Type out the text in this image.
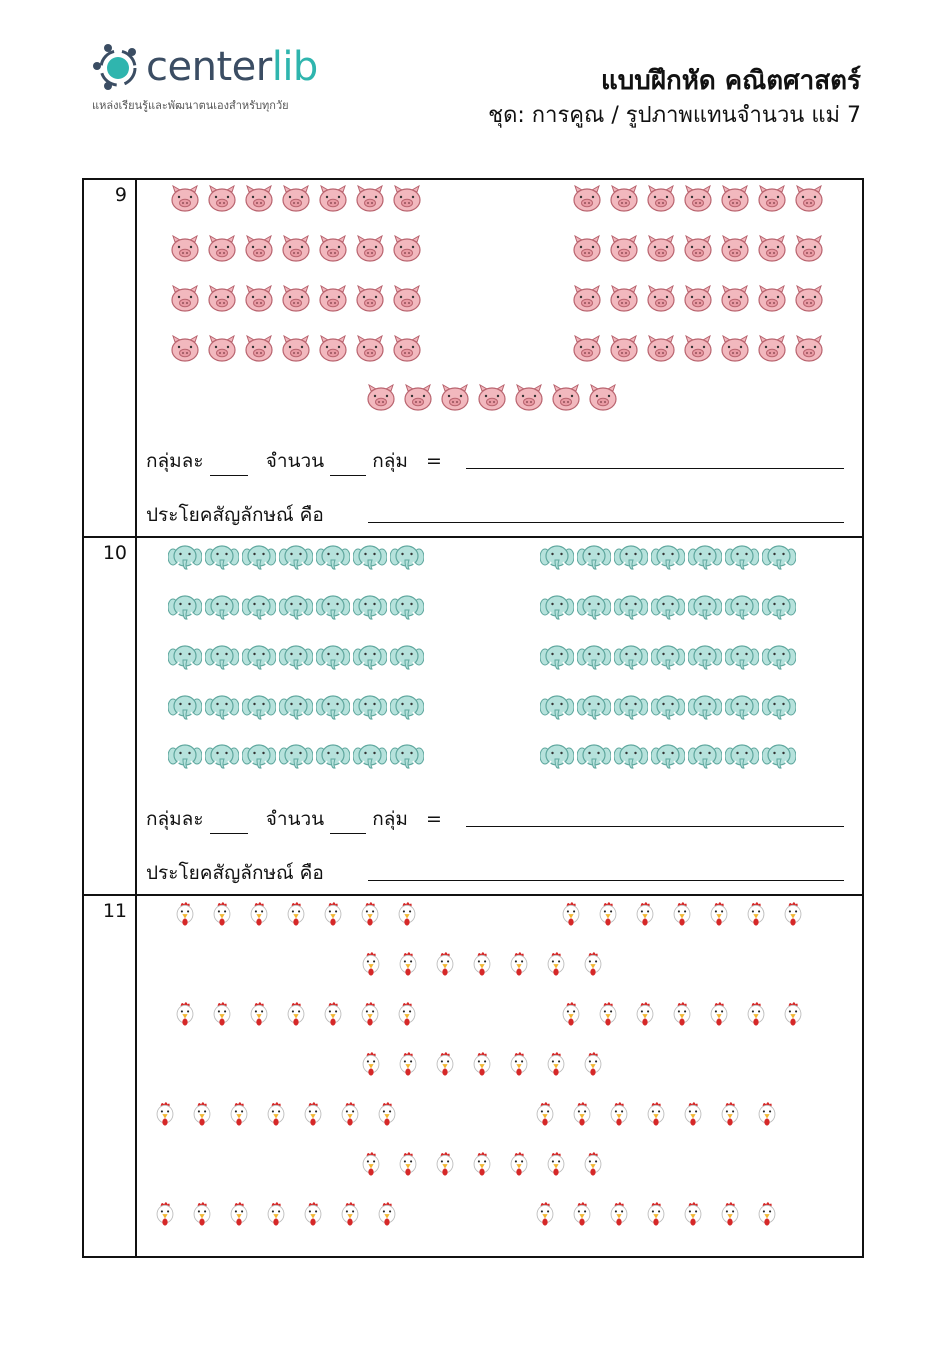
centerlib
แหล่งเรียนรู้และพัฒนาตนเองสำหรับทุกวัย
แบบฝึกหัด คณิตศาสตร์
ชุด: การคูณ / รูปภาพแทนจำนวน แม่ 7
9
กลุ่มละ	จำนวน	กลุ่ม =
ประโยคสัญลักษณ์ คือ
10
กลุ่มละ	จำนวน	กลุ่ม =
ประโยคสัญลักษณ์ คือ
11
